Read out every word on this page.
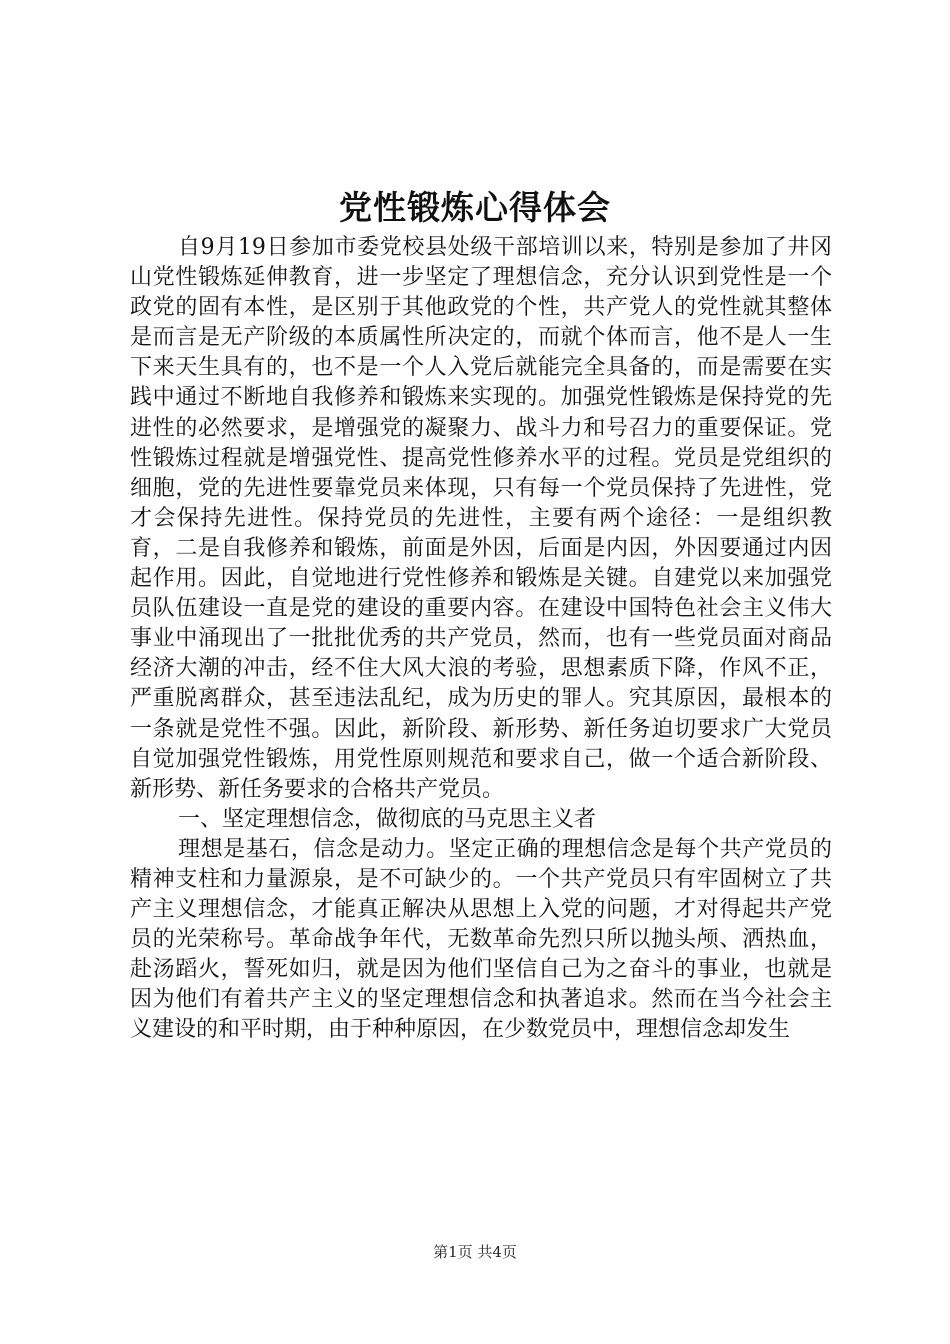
党性锻炼心得体会

自9月19日参加市委党校县处级干部培训以来，特别是参加了井冈山党性锻炼延伸教育，进一步坚定了理想信念，充分认识到党性是一个政党的固有本性，是区别于其他政党的个性，共产党人的党性就其整体是而言是无产阶级的本质属性所决定的，而就个体而言，他不是人一生下来天生具有的，也不是一个人入党后就能完全具备的，而是需要在实践中通过不断地自我修养和锻炼来实现的。加强党性锻炼是保持党的先进性的必然要求，是增强党的凝聚力、战斗力和号召力的重要保证。党性锻炼过程就是增强党性、提高党性修养水平的过程。党员是党组织的细胞，党的先进性要靠党员来体现，只有每一个党员保持了先进性，党才会保持先进性。保持党员的先进性，主要有两个途径：一是组织教育，二是自我修养和锻炼，前面是外因，后面是内因，外因要通过内因起作用。因此，自觉地进行党性修养和锻炼是关键。自建党以来加强党员队伍建设一直是党的建设的重要内容。在建设中国特色社会主义伟大事业中涌现出了一批批优秀的共产党员，然而，也有一些党员面对商品经济大潮的冲击，经不住大风大浪的考验，思想素质下降，作风不正，严重脱离群众，甚至违法乱纪，成为历史的罪人。究其原因，最根本的一条就是党性不强。因此，新阶段、新形势、新任务迫切要求广大党员自觉加强党性锻炼，用党性原则规范和要求自己，做一个适合新阶段、新形势、新任务要求的合格共产党员。

一、坚定理想信念，做彻底的马克思主义者

理想是基石，信念是动力。坚定正确的理想信念是每个共产党员的精神支柱和力量源泉，是不可缺少的。一个共产党员只有牢固树立了共产主义理想信念，才能真正解决从思想上入党的问题，才对得起共产党员的光荣称号。革命战争年代，无数革命先烈只所以抛头颅、洒热血，赴汤蹈火，誓死如归，就是因为他们坚信自己为之奋斗的事业，也就是因为他们有着共产主义的坚定理想信念和执著追求。然而在当今社会主义建设的和平时期，由于种种原因，在少数党员中，理想信念却发生

第1页 共4页
